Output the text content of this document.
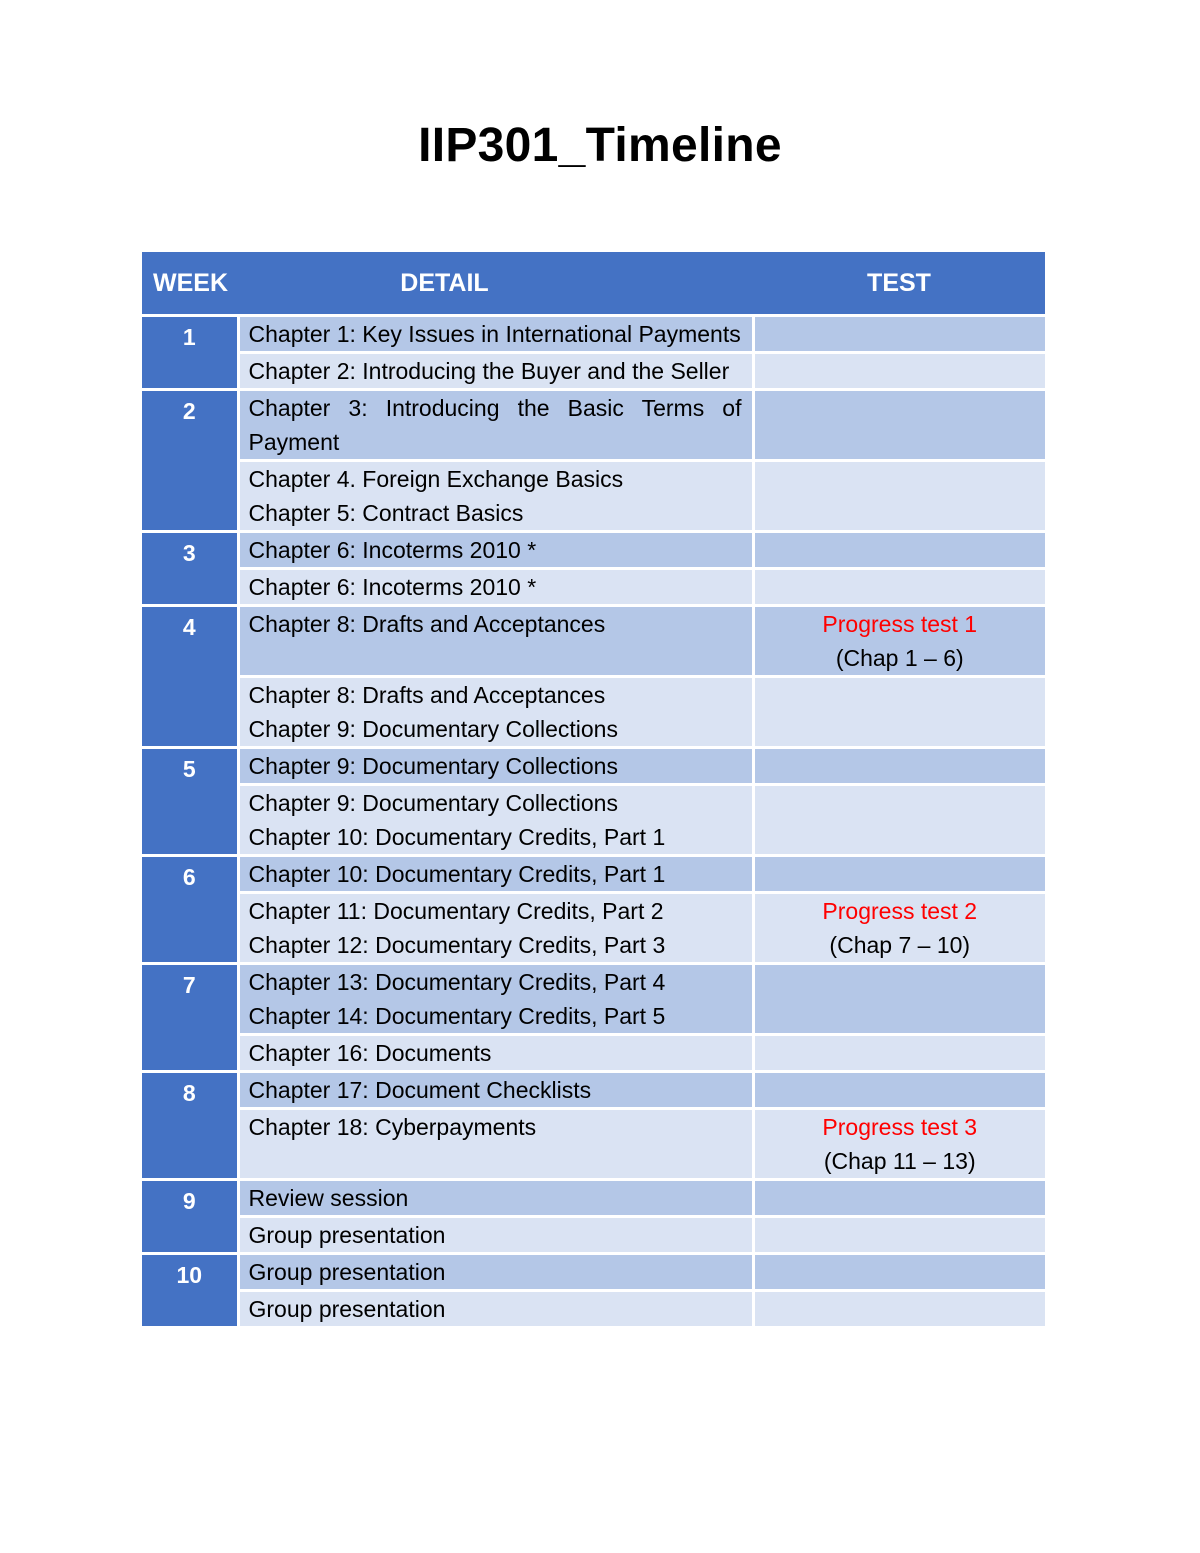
IIP301_Timeline
WEEK	DETAIL	TEST
1	Chapter 1: Key Issues in International Payments	

	Chapter 2: Introducing the Buyer and the Seller	

2	Chapter 3: Introducing the Basic Terms of Payment	

	Chapter 4. Foreign Exchange Basics
Chapter 5: Contract Basics	

3	Chapter 6: Incoterms 2010 *	

	Chapter 6: Incoterms 2010 *	

4	Chapter 8: Drafts and Acceptances	Progress test 1
(Chap 1 – 6)

	Chapter 8: Drafts and Acceptances
Chapter 9: Documentary Collections	

5	Chapter 9: Documentary Collections	

	Chapter 9: Documentary Collections
Chapter 10: Documentary Credits, Part 1	

6	Chapter 10: Documentary Credits, Part 1	

	Chapter 11: Documentary Credits, Part 2
Chapter 12: Documentary Credits, Part 3	Progress test 2
(Chap 7 – 10)

7	Chapter 13: Documentary Credits, Part 4
Chapter 14: Documentary Credits, Part 5	

	Chapter 16: Documents	

8	Chapter 17: Document Checklists	

	Chapter 18: Cyberpayments	Progress test 3
(Chap 11 – 13)

9	Review session	

	Group presentation	

10	Group presentation	

	Group presentation	
